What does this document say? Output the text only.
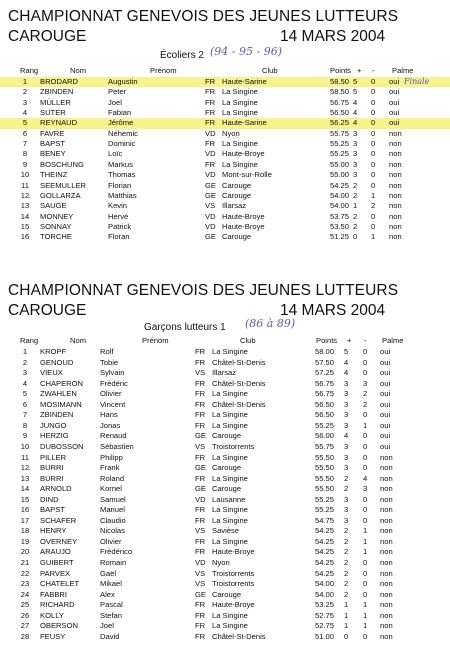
CHAMPIONNAT GENEVOIS DES JEUNES LUTTEURS
CAROUGE	14 MARS 2004
Écoliers 2 (94 - 95 - 96)
Rang	Nom	Prénom	Club	Points + - Palme
1	BRODARD	Augustin	FR Haute-Sarine	58.50 5 0 oui
2	ZBINDEN	Peter	FR La Singine	58.50 5 0 oui
3	MÜLLER	Joel	FR La Singine	56.75 4 0 oui
4	SUTER	Fabian	FR La Singine	56.50 4 0 oui
5	REYNAUD	Jérôme	FR Haute-Sarine	56.25 4 0 oui
6	FAVRE	Néhemic	VD Nyon	55.75 3 0 non
7	BAPST	Dominic	FR La Singine	55.25 3 0 non
8	BENEY	Loïc	VD Haute-Broye	55.25 3 0 non
9	BOSCHUNG	Markus	FR La Singine	55.00 3 0 non
10	THEINZ	Thomas	VD Mont-sur-Rolle	55.00 3 0 non
11	SEEMULLER	Florian	GE Carouge	54.25 2 0 non
12	GOLLARZA	Matthias	GE Carouge	54.00 2 1 non
13	SAUGE	Kevin	VS Illarsaz	54.00 1 2 non
14	MONNEY	Hervé	VD Haute-Broye	53.75 2 0 non
15	SONNAY	Patrick	VD Haute-Broye	53.50 2 0 non
16	TORCHE	Floran	GE Carouge	51.25 0 1 non
Finale
CHAMPIONNAT GENEVOIS DES JEUNES LUTTEURS
CAROUGE	14 MARS 2004
Garçons lutteurs 1 (86 à 89)
Rang	Nom	Prénom	Club	Points + - Palme
1	KROPF	Rolf	FR La Singine	58.00 5 0 oui
2	GENOUD	Tobie	FR Châtel-St-Denis	57.50 4 0 oui
3	VIEUX	Sylvain	VS Illarsaz	57.25 4 0 oui
4	CHAPERON Frédéric	FR Châtel-St-Denis	56.75 3 3 oui
5	ZWAHLEN	Olivier	FR La Singine	56.75 3 2 oui
6	MOSIMANN Vincent	FR Châtel-St-Denis	56.50 3 2 oui
7	ZBINDEN	Hans	FR La Singine	56.50 3 0 oui
8	JUNGO	Jonas	FR La Singine	55.25 3 1 oui
9	HERZIG	Renaud	GE Carouge	56.00 4 0 oui
10	DUBOSSON Sébastien	VS Troistorrents	55.75 3 0 oui
11	PILLER	Philipp	FR La Singine	55.50 3 0 non
12	BURRI	Frank	GE Carouge	55.50 3 0 non
13	BURRI	Roland	FR La Singine	55.50 2 4 non
14	ARNOLD	Kornel	GE Carouge	55.50 2 3 non
15	DIND	Samuel	VD Lausanne	55.25 3 0 non
16	BAPST	Manuel	FR La Singine	55.25 3 0 non
17	SCHAFER	Claudio	FR La Singine	54.75 3 0 non
18	HENRY	Nicolas	VS Savièse	54.25 2 1 non
19	OVERNEY	Olivier	FR La Singine	54.25 2 1 non
20	ARAUJO	Frédérico	FR Haute-Broye	54.25 2 1 non
21	GUIBERT	Romain	VD Nyon	54.25 2 0 non
22	PARVEX	Gaël	VS Troistorrents	54.25 2 0 non
23	CHATELET	Mikael	VS Troistorrents	54.00 2 0 non
24	FABBRI	Alex	GE Carouge	54.00 2 0 non
25	RICHARD	Pascal	FR Haute-Broye	53.25 1 1 non
26	KOLLY	Stefan	FR La Singine	52.75 1 1 non
27	OBERSON	Joel	FR La Singine	52.75 1 1 non
28	FEUSY	David	FR Châtel-St-Denis	51.00 0 0 non
